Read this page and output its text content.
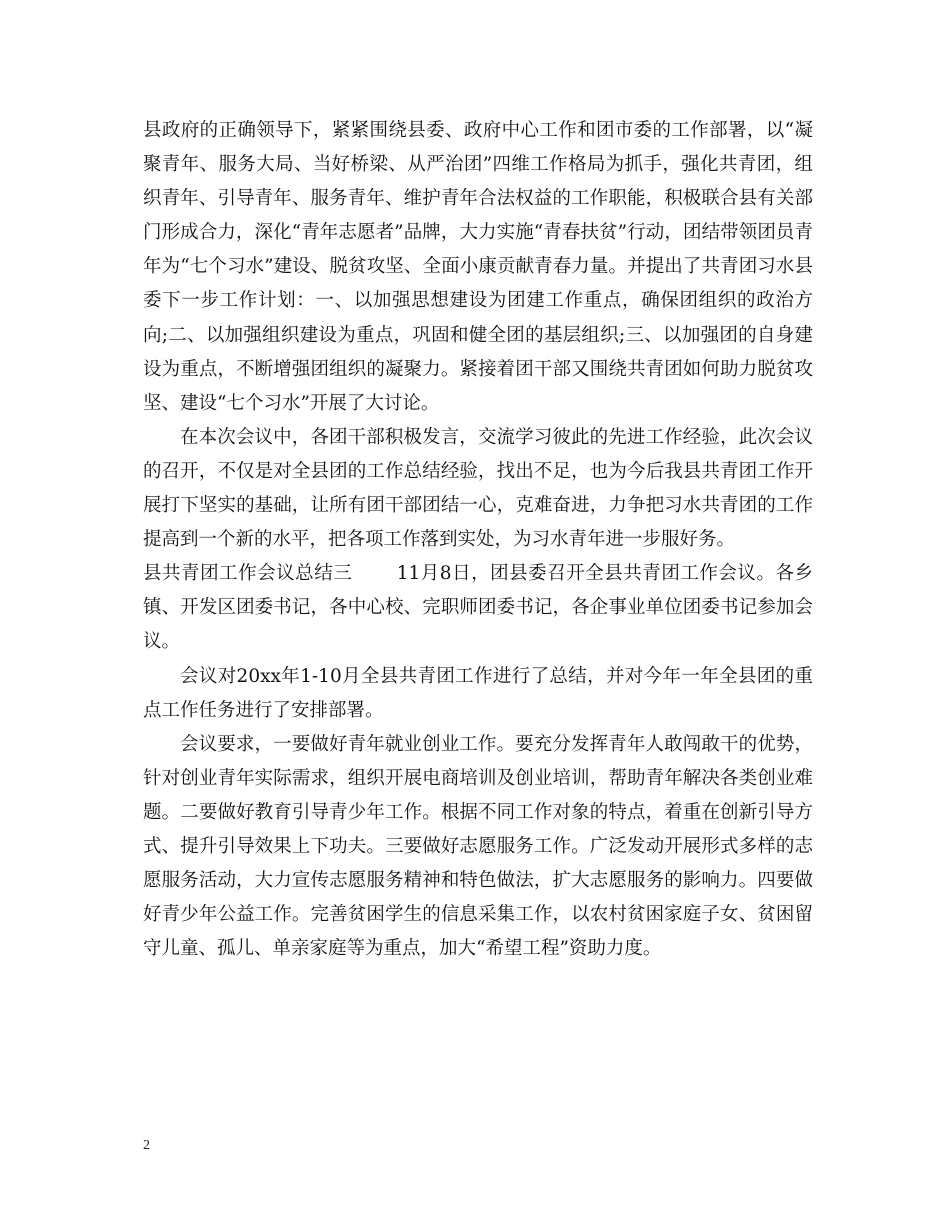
县政府的正确领导下，紧紧围绕县委、政府中心工作和团市委的工作部署，以“凝聚青年、服务大局、当好桥梁、从严治团”四维工作格局为抓手，强化共青团，组织青年、引导青年、服务青年、维护青年合法权益的工作职能，积极联合县有关部门形成合力，深化“青年志愿者”品牌，大力实施“青春扶贫”行动，团结带领团员青年为“七个习水”建设、脱贫攻坚、全面小康贡献青春力量。并提出了共青团习水县委下一步工作计划：一、以加强思想建设为团建工作重点，确保团组织的政治方向;二、以加强组织建设为重点，巩固和健全团的基层组织;三、以加强团的自身建设为重点，不断增强团组织的凝聚力。紧接着团干部又围绕共青团如何助力脱贫攻坚、建设“七个习水”开展了大讨论。

在本次会议中，各团干部积极发言，交流学习彼此的先进工作经验，此次会议的召开，不仅是对全县团的工作总结经验，找出不足，也为今后我县共青团工作开展打下坚实的基础，让所有团干部团结一心，克难奋进，力争把习水共青团的工作提高到一个新的水平，把各项工作落到实处，为习水青年进一步服好务。

县共青团工作会议总结三　　 11月8日，团县委召开全县共青团工作会议。各乡镇、开发区团委书记，各中心校、完职师团委书记，各企事业单位团委书记参加会议。

会议对20xx年1-10月全县共青团工作进行了总结，并对今年一年全县团的重点工作任务进行了安排部署。

会议要求，一要做好青年就业创业工作。要充分发挥青年人敢闯敢干的优势，针对创业青年实际需求，组织开展电商培训及创业培训，帮助青年解决各类创业难题。二要做好教育引导青少年工作。根据不同工作对象的特点，着重在创新引导方式、提升引导效果上下功夫。三要做好志愿服务工作。广泛发动开展形式多样的志愿服务活动，大力宣传志愿服务精神和特色做法，扩大志愿服务的影响力。四要做好青少年公益工作。完善贫困学生的信息采集工作，以农村贫困家庭子女、贫困留守儿童、孤儿、单亲家庭等为重点，加大“希望工程”资助力度。

2
